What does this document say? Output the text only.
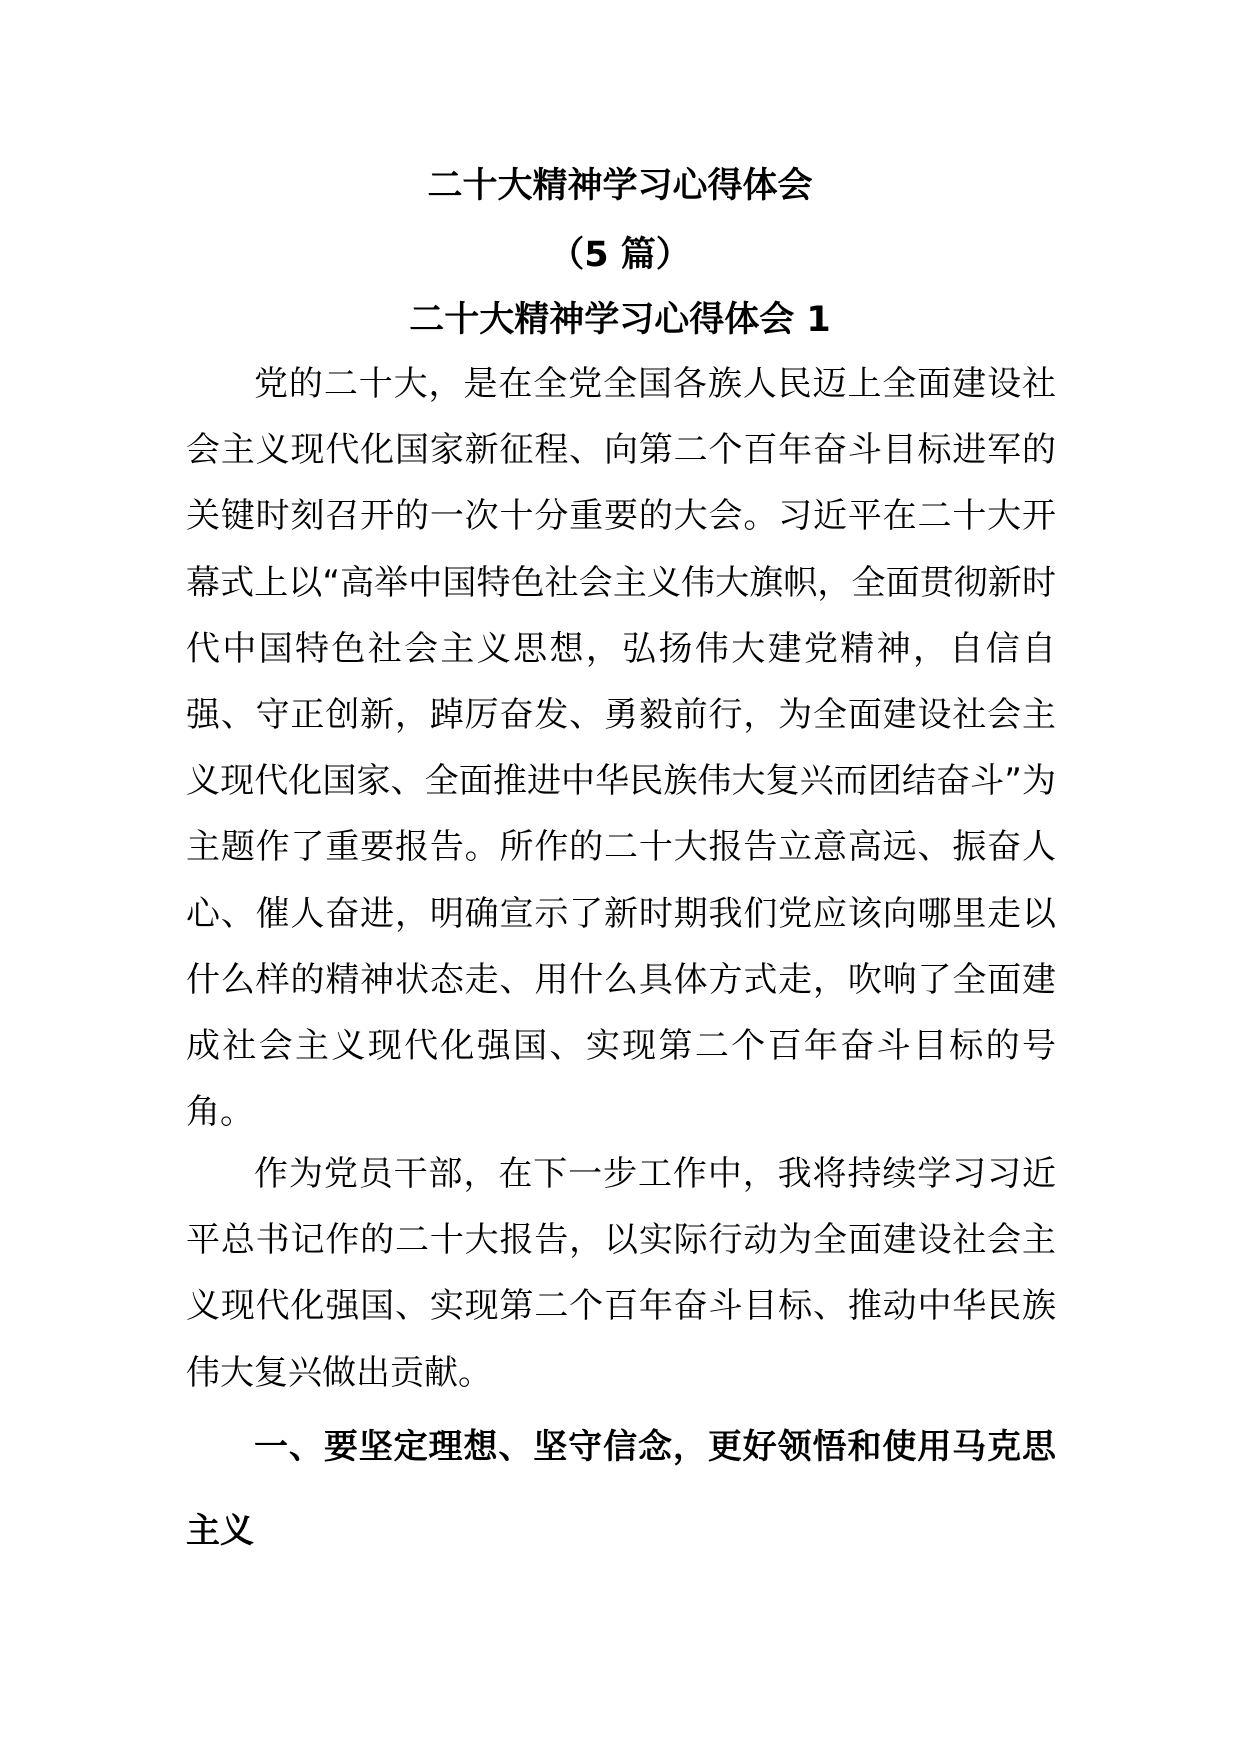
二十大精神学习心得体会
（5 篇）
二十大精神学习心得体会 1

党的二十大，是在全党全国各族人民迈上全面建设社会主义现代化国家新征程、向第二个百年奋斗目标进军的关键时刻召开的一次十分重要的大会。习近平在二十大开幕式上以“高举中国特色社会主义伟大旗帜，全面贯彻新时代中国特色社会主义思想，弘扬伟大建党精神，自信自强、守正创新，踔厉奋发、勇毅前行，为全面建设社会主义现代化国家、全面推进中华民族伟大复兴而团结奋斗”为主题作了重要报告。所作的二十大报告立意高远、振奋人心、催人奋进，明确宣示了新时期我们党应该向哪里走以什么样的精神状态走、用什么具体方式走，吹响了全面建成社会主义现代化强国、实现第二个百年奋斗目标的号角。

作为党员干部，在下一步工作中，我将持续学习习近平总书记作的二十大报告，以实际行动为全面建设社会主义现代化强国、实现第二个百年奋斗目标、推动中华民族伟大复兴做出贡献。

一、要坚定理想、坚守信念，更好领悟和使用马克思主义
